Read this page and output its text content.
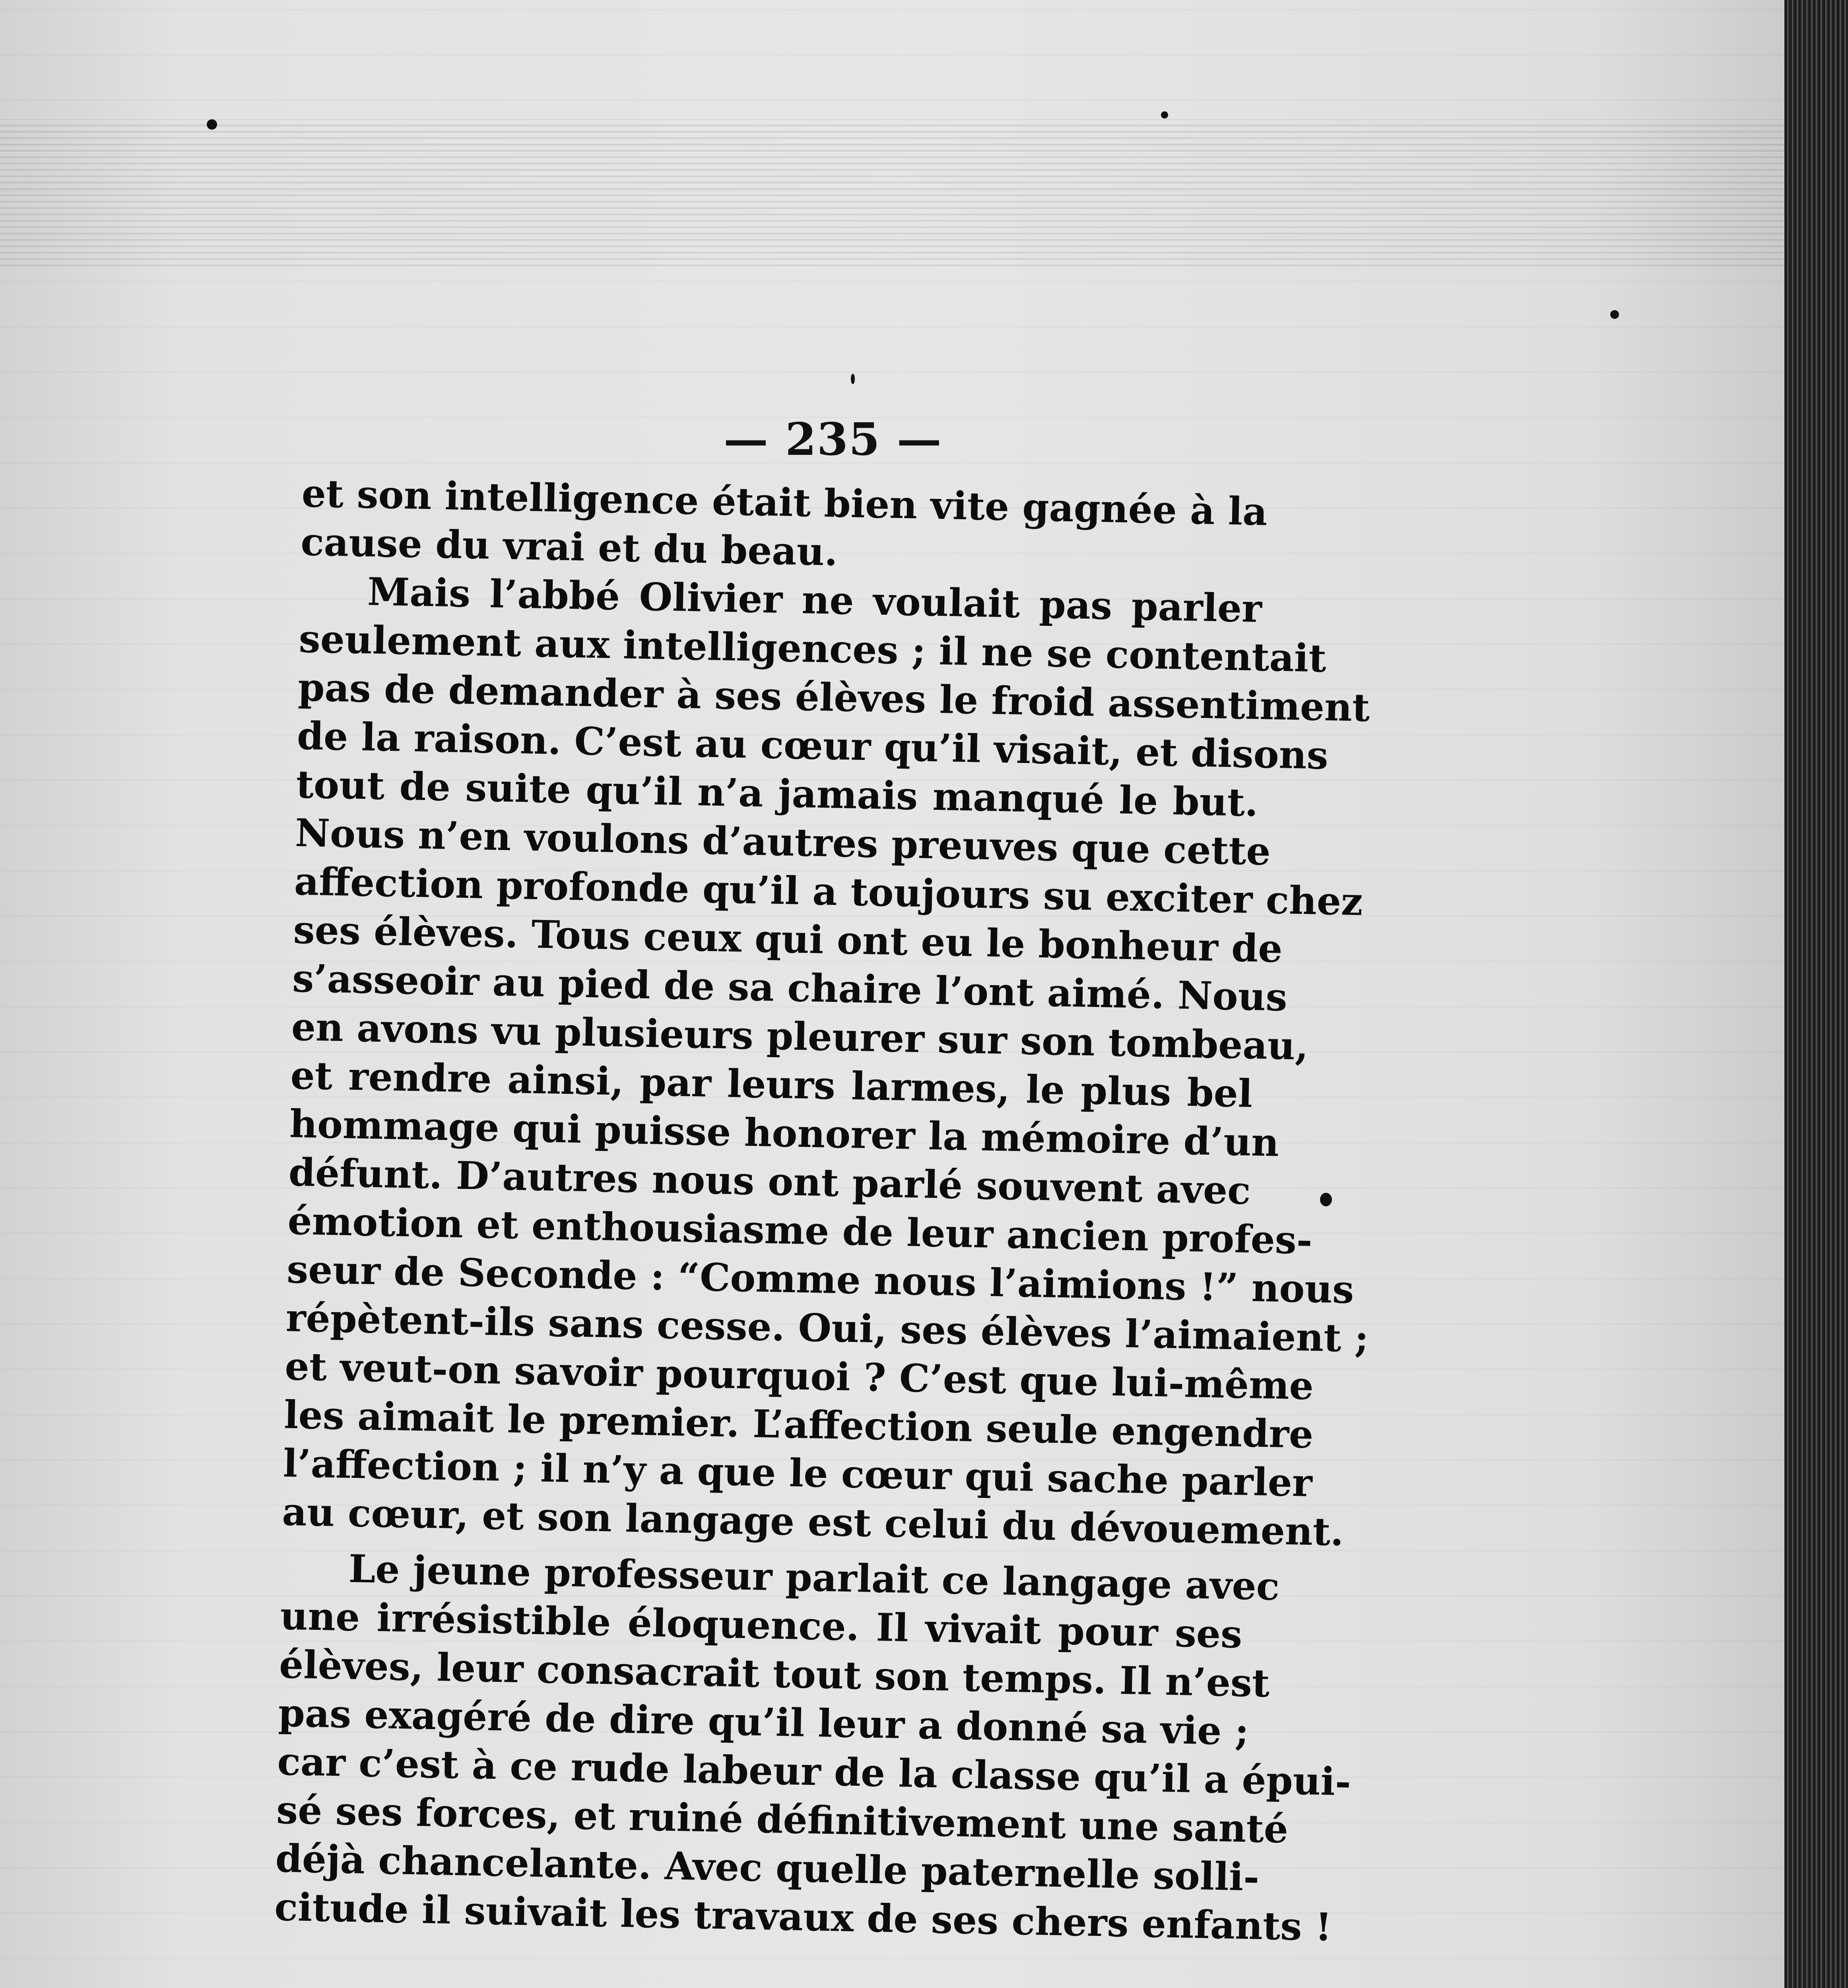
— 235 —
et son intelligence était bien vite gagnée à la
cause du vrai et du beau.
Mais l’abbé Olivier ne voulait pas parler
seulement aux intelligences ; il ne se contentait
pas de demander à ses élèves le froid assentiment
de la raison. C’est au cœur qu’il visait, et disons
tout de suite qu’il n’a jamais manqué le but.
Nous n’en voulons d’autres preuves que cette
affection profonde qu’il a toujours su exciter chez
ses élèves. Tous ceux qui ont eu le bonheur de
s’asseoir au pied de sa chaire l’ont aimé. Nous
en avons vu plusieurs pleurer sur son tombeau,
et rendre ainsi, par leurs larmes, le plus bel
hommage qui puisse honorer la mémoire d’un
défunt. D’autres nous ont parlé souvent avec
émotion et enthousiasme de leur ancien profes-
seur de Seconde : “Comme nous l’aimions !” nous
répètent-ils sans cesse. Oui, ses élèves l’aimaient ;
et veut-on savoir pourquoi ? C’est que lui-même
les aimait le premier. L’affection seule engendre
l’affection ; il n’y a que le cœur qui sache parler
au cœur, et son langage est celui du dévouement.
Le jeune professeur parlait ce langage avec
une irrésistible éloquence. Il vivait pour ses
élèves, leur consacrait tout son temps. Il n’est
pas exagéré de dire qu’il leur a donné sa vie ;
car c’est à ce rude labeur de la classe qu’il a épui-
sé ses forces, et ruiné définitivement une santé
déjà chancelante. Avec quelle paternelle solli-
citude il suivait les travaux de ses chers enfants !
